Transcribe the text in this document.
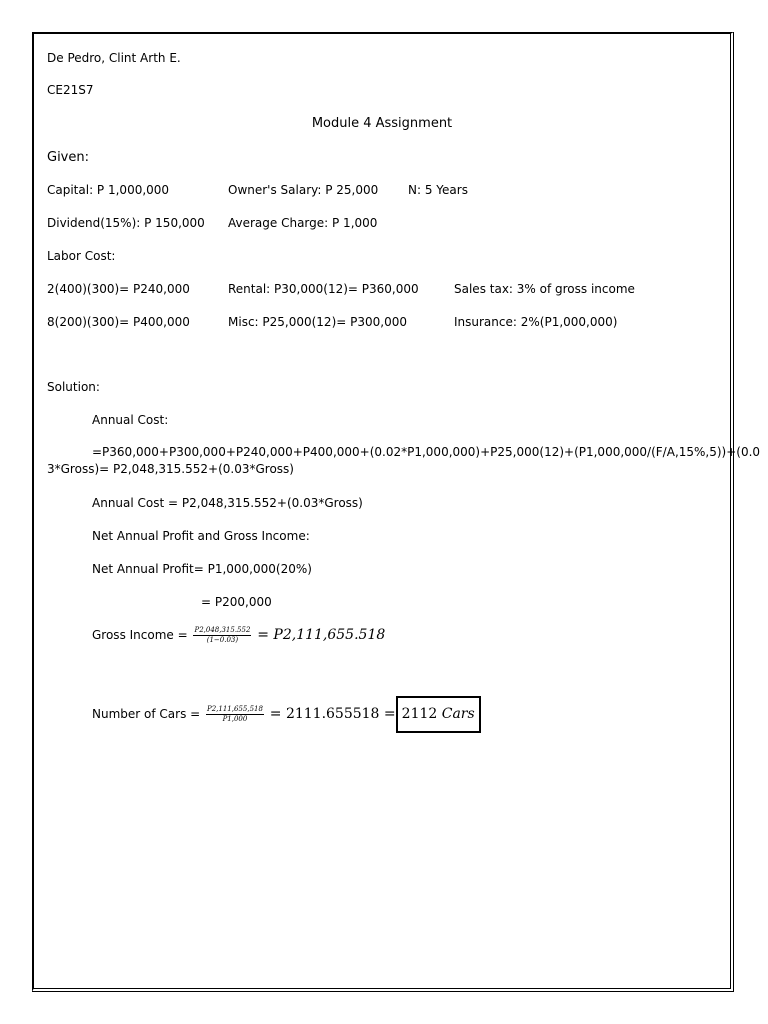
De Pedro, Clint Arth E.
CE21S7
Module 4 Assignment
Given:
Capital: P 1,000,000	Owner's Salary: P 25,000 N: 5 Years
Dividend(15%): P 150,000 Average Charge: P 1,000
Labor Cost:
2(400)(300)= P240,000	Rental: P30,000(12)= P360,000	Sales tax: 3% of gross income
8(200)(300)= P400,000	Misc: P25,000(12)= P300,000	Insurance: 2%(P1,000,000)
Solution:
Annual Cost:
=P360,000+P300,000+P240,000+P400,000+(0.02*P1,000,000)+P25,000(12)+(P1,000,000/(F/A,15%,5))+(0.0
3*Gross)= P2,048,315.552+(0.03*Gross)
Annual Cost = P2,048,315.552+(0.03*Gross)
Net Annual Profit and Gross Income:
Net Annual Profit= P1,000,000(20%)
= P200,000
Gross Income = $\frac{P2,048,315.552}{(1-0.03)} = P2,111,655.518$
Number of Cars = $\frac{P2,111,655,518}{P1,000} = 2111.655518 = 2112$ Cars
